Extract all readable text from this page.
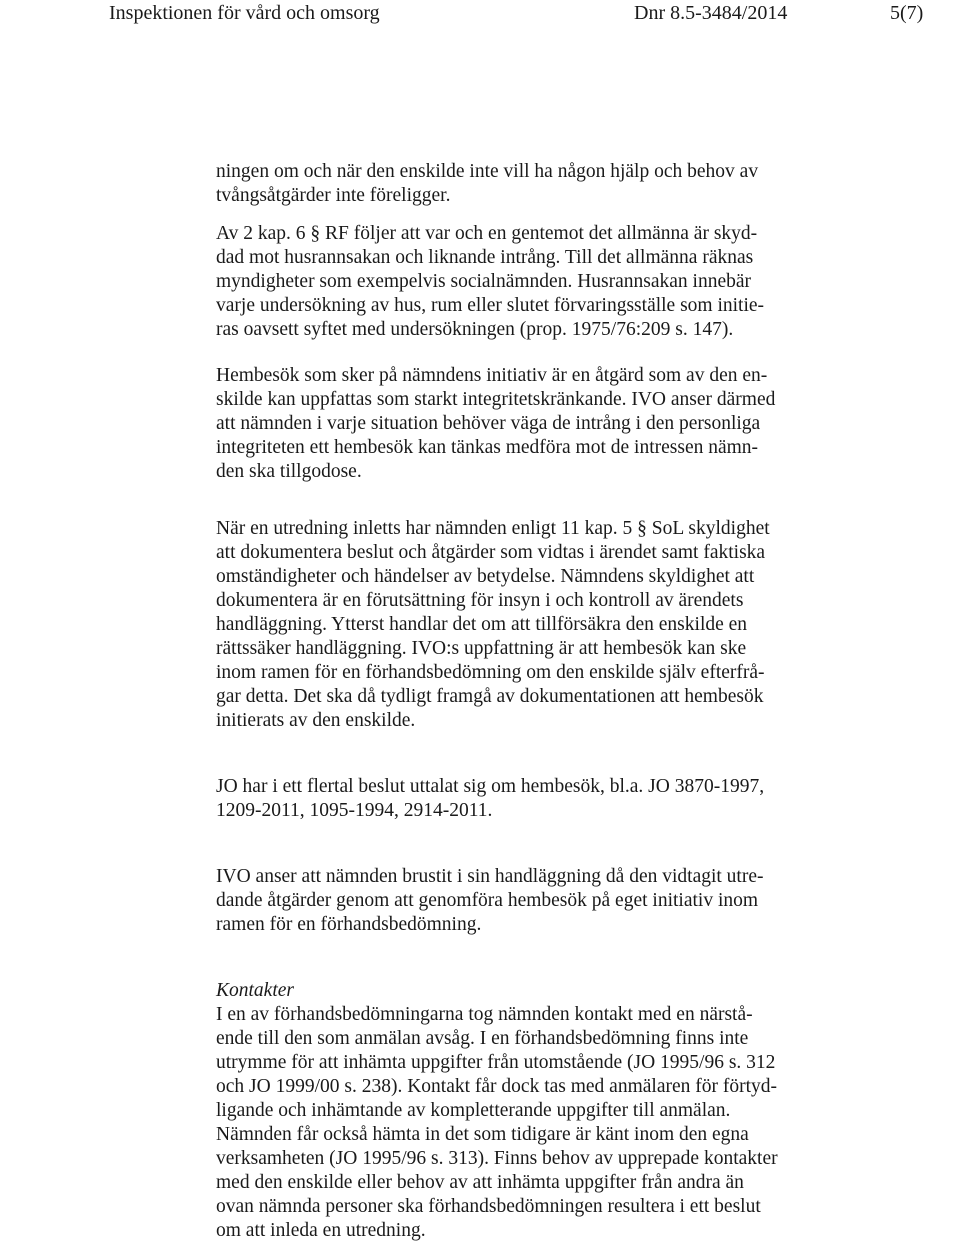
Inspektionen för vård och omsorg	Dnr 8.5-3484/2014	5(7)
ningen om och när den enskilde inte vill ha någon hjälp och behov av
tvångsåtgärder inte föreligger.
Av 2 kap. 6 § RF följer att var och en gentemot det allmänna är skyd-
dad mot husrannsakan och liknande intrång. Till det allmänna räknas
myndigheter som exempelvis socialnämnden. Husrannsakan innebär
varje undersökning av hus, rum eller slutet förvaringsställe som initie-
ras oavsett syftet med undersökningen (prop. 1975/76:209 s. 147).
Hembesök som sker på nämndens initiativ är en åtgärd som av den en-
skilde kan uppfattas som starkt integritetskränkande. IVO anser därmed
att nämnden i varje situation behöver väga de intrång i den personliga
integriteten ett hembesök kan tänkas medföra mot de intressen nämn-
den ska tillgodose.
När en utredning inletts har nämnden enligt 11 kap. 5 § SoL skyldighet
att dokumentera beslut och åtgärder som vidtas i ärendet samt faktiska
omständigheter och händelser av betydelse. Nämndens skyldighet att
dokumentera är en förutsättning för insyn i och kontroll av ärendets
handläggning. Ytterst handlar det om att tillförsäkra den enskilde en
rättssäker handläggning. IVO:s uppfattning är att hembesök kan ske
inom ramen för en förhandsbedömning om den enskilde själv efterfrå-
gar detta. Det ska då tydligt framgå av dokumentationen att hembesök
initierats av den enskilde.
JO har i ett flertal beslut uttalat sig om hembesök, bl.a. JO 3870-1997,
1209-2011, 1095-1994, 2914-2011.
IVO anser att nämnden brustit i sin handläggning då den vidtagit utre-
dande åtgärder genom att genomföra hembesök på eget initiativ inom
ramen för en förhandsbedömning.
Kontakter
I en av förhandsbedömningarna tog nämnden kontakt med en närstå-
ende till den som anmälan avsåg. I en förhandsbedömning finns inte
utrymme för att inhämta uppgifter från utomstående (JO 1995/96 s. 312
och JO 1999/00 s. 238). Kontakt får dock tas med anmälaren för förtyd-
ligande och inhämtande av kompletterande uppgifter till anmälan.
Nämnden får också hämta in det som tidigare är känt inom den egna
verksamheten (JO 1995/96 s. 313). Finns behov av upprepade kontakter
med den enskilde eller behov av att inhämta uppgifter från andra än
ovan nämnda personer ska förhandsbedömningen resultera i ett beslut
om att inleda en utredning.
